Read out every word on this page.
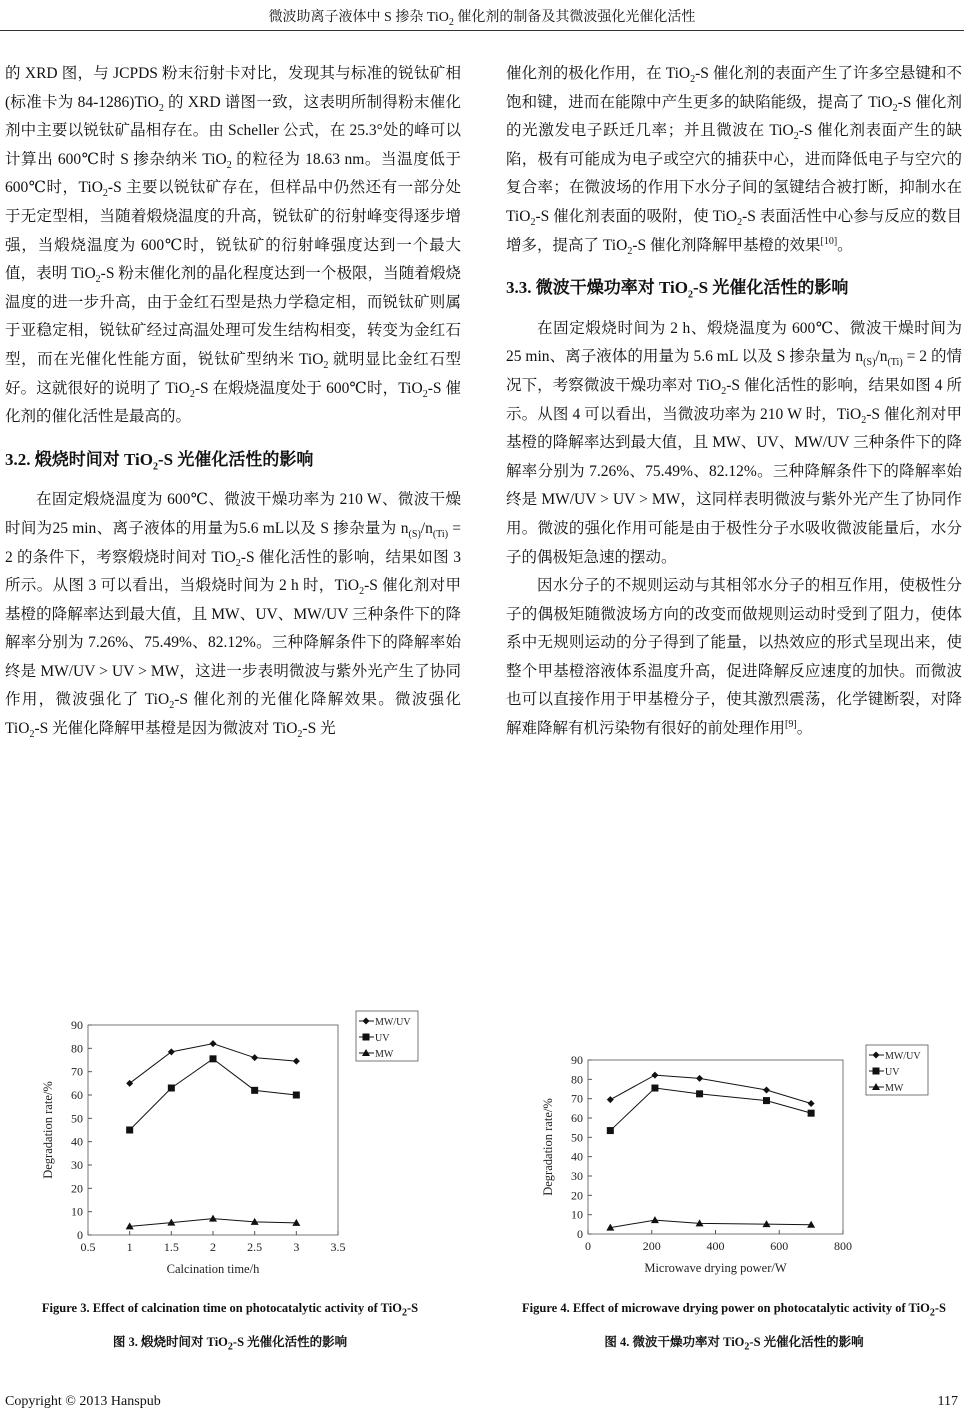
微波助离子液体中 S 掺杂 TiO$_2$ 催化剂的制备及其微波强化光催化活性

的 XRD 图，与 JCPDS 粉末衍射卡对比，发现其与标准的锐钛矿相(标准卡为 84-1286)TiO$_2$ 的 XRD 谱图一致，这表明所制得粉末催化剂中主要以锐钛矿晶相存在。由 Scheller 公式，在 25.3°处的峰可以计算出 600℃时 S 掺杂纳米 TiO$_2$ 的粒径为 18.63 nm。当温度低于 600℃时，TiO$_2$-S 主要以锐钛矿存在，但样品中仍然还有一部分处于无定型相，当随着煅烧温度的升高，锐钛矿的衍射峰变得逐步增强，当煅烧温度为 600℃时，锐钛矿的衍射峰强度达到一个最大值，表明 TiO$_2$-S 粉末催化剂的晶化程度达到一个极限，当随着煅烧温度的进一步升高，由于金红石型是热力学稳定相，而锐钛矿则属于亚稳定相，锐钛矿经过高温处理可发生结构相变，转变为金红石型，而在光催化性能方面，锐钛矿型纳米 TiO$_2$ 就明显比金红石型好。这就很好的说明了 TiO$_2$-S 在煅烧温度处于 600℃时，TiO$_2$-S 催化剂的催化活性是最高的。

3.2. 煅烧时间对 TiO$_2$-S 光催化活性的影响

在固定煅烧温度为 600℃、微波干燥功率为 210 W、微波干燥时间为25 min、离子液体的用量为5.6 mL以及 S 掺杂量为 $n_{(S)}/n_{(Ti)} = 2$ 的条件下，考察煅烧时间对 TiO$_2$-S 催化活性的影响，结果如图 3 所示。从图 3 可以看出，当煅烧时间为 2 h 时，TiO$_2$-S 催化剂对甲基橙的降解率达到最大值，且 MW、UV、MW/UV 三种条件下的降解率分别为 7.26%、75.49%、82.12%。三种降解条件下的降解率始终是 MW/UV > UV > MW，这进一步表明微波与紫外光产生了协同作用，微波强化了 TiO$_2$-S 催化剂的光催化降解效果。微波强化 TiO$_2$-S 光催化降解甲基橙是因为微波对 TiO$_2$-S 光

催化剂的极化作用，在 TiO$_2$-S 催化剂的表面产生了许多空悬键和不饱和键，进而在能隙中产生更多的缺陷能级，提高了 TiO$_2$-S 催化剂的光激发电子跃迁几率；并且微波在 TiO$_2$-S 催化剂表面产生的缺陷，极有可能成为电子或空穴的捕获中心，进而降低电子与空穴的复合率；在微波场的作用下水分子间的氢键结合被打断，抑制水在 TiO$_2$-S 催化剂表面的吸附，使 TiO$_2$-S 表面活性中心参与反应的数目增多，提高了 TiO$_2$-S 催化剂降解甲基橙的效果[10]。

3.3. 微波干燥功率对 TiO$_2$-S 光催化活性的影响

在固定煅烧时间为 2 h、煅烧温度为 600℃、微波干燥时间为 25 min、离子液体的用量为 5.6 mL 以及 S 掺杂量为 $n_{(S)}/n_{(Ti)} = 2$ 的情况下，考察微波干燥功率对 TiO$_2$-S 催化活性的影响，结果如图 4 所示。从图 4 可以看出，当微波功率为 210 W 时，TiO$_2$-S 催化剂对甲基橙的降解率达到最大值，且 MW、UV、MW/UV 三种条件下的降解率分别为 7.26%、75.49%、82.12%。三种降解条件下的降解率始终是 MW/UV > UV > MW，这同样表明微波与紫外光产生了协同作用。微波的强化作用可能是由于极性分子水吸收微波能量后，水分子的偶极矩急速的摆动。

因水分子的不规则运动与其相邻水分子的相互作用，使极性分子的偶极矩随微波场方向的改变而做规则运动时受到了阻力，使体系中无规则运动的分子得到了能量，以热效应的形式呈现出来，使整个甲基橙溶液体系温度升高，促进降解反应速度的加快。而微波也可以直接作用于甲基橙分子，使其激烈震荡，化学键断裂，对降解难降解有机污染物有很好的前处理作用[9]。

0
10
20
30
40
50
60
70
80
90
0.5	1	1.5	2	2.5	3	3.5
Calcination time/h
Degradation rate/%
MW/UV
UV
MW
0
10
20
30
40
50
60
70
80
90
0	200	400	600	800
Microwave drying power/W
Degradation rate/%
MW/UV
UV
MW
Figure 3. Effect of calcination time on photocatalytic activity of TiO$_2$-S
图 3. 煅烧时间对 TiO$_2$-S 光催化活性的影响
Figure 4. Effect of microwave drying power on photocatalytic activity of TiO$_2$-S
图 4. 微波干燥功率对 TiO$_2$-S 光催化活性的影响
Copyright © 2013 Hanspub	117
